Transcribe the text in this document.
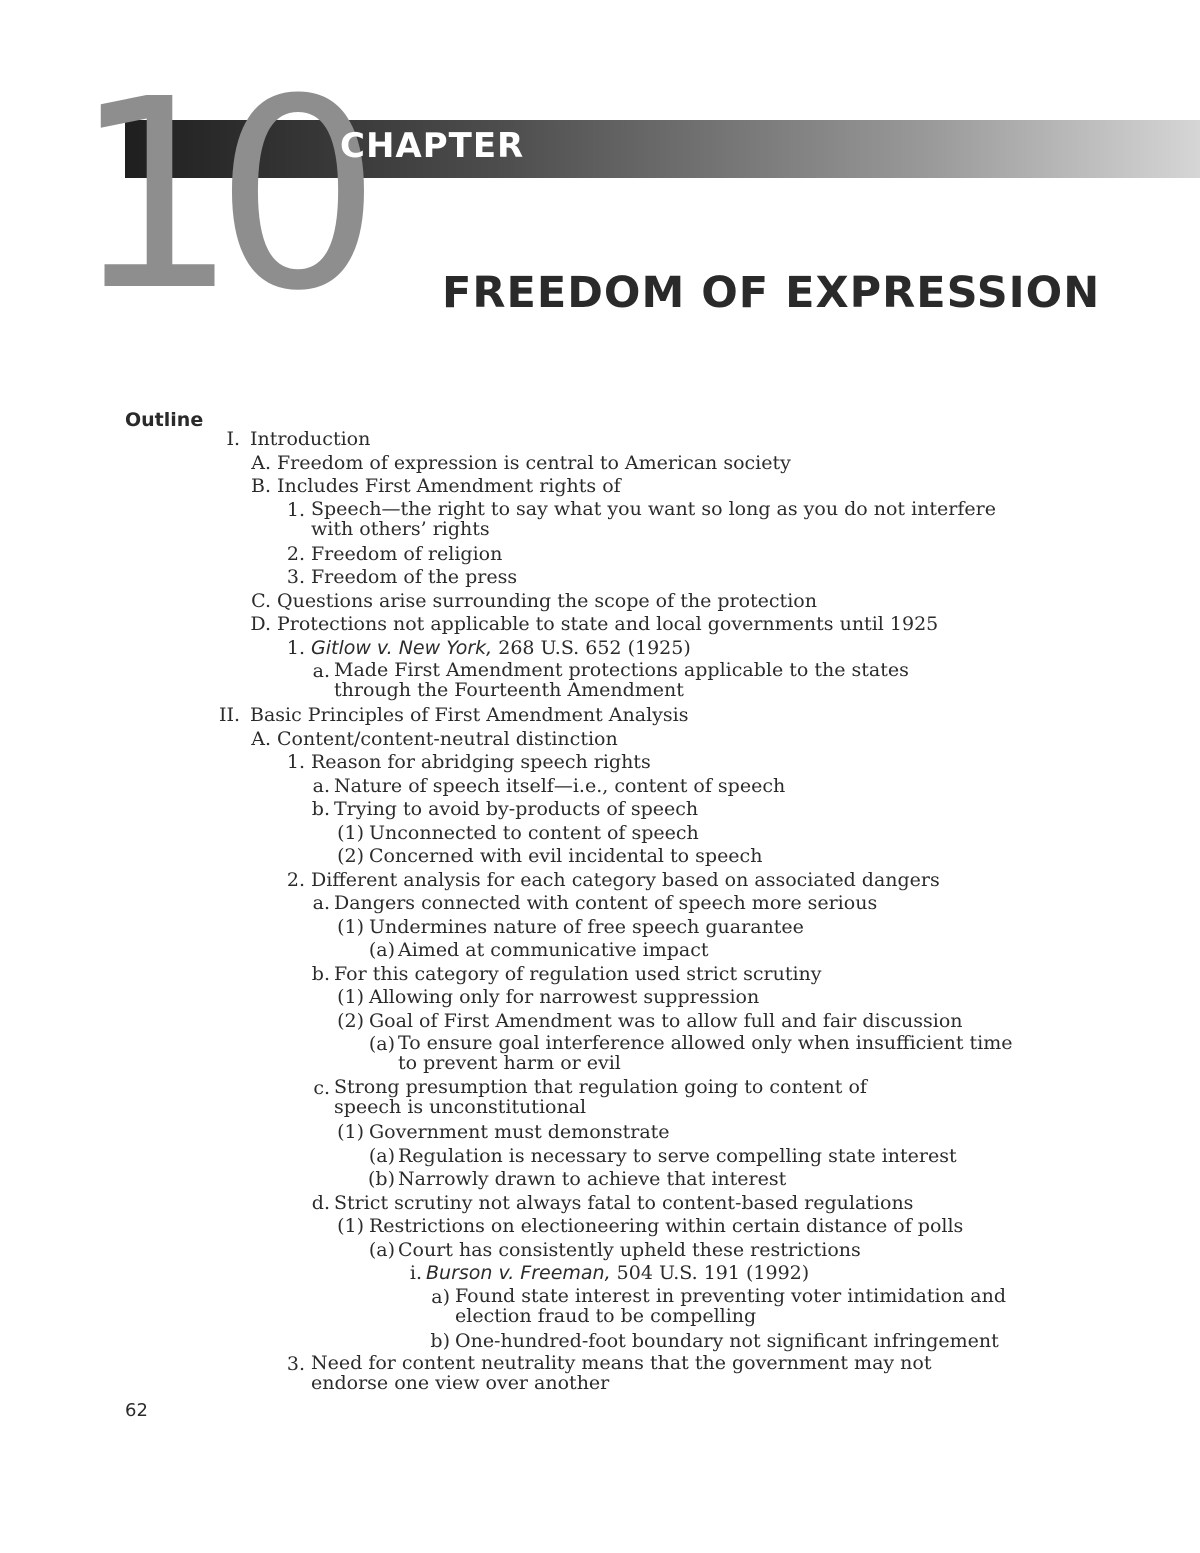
10
CHAPTER
FREEDOM OF EXPRESSION
Outline
I. Introduction
A. Freedom of expression is central to American society
B. Includes First Amendment rights of
1. Speech—the right to say what you want so long as you do not interfere
with others’ rights
2. Freedom of religion
3. Freedom of the press
C. Questions arise surrounding the scope of the protection
D. Protections not applicable to state and local governments until 1925
1. Gitlow v. New York, 268 U.S. 652 (1925)
a. Made First Amendment protections applicable to the states
through the Fourteenth Amendment
II. Basic Principles of First Amendment Analysis
A. Content/content-neutral distinction
1. Reason for abridging speech rights
a. Nature of speech itself—i.e., content of speech
b. Trying to avoid by-products of speech
(1) Unconnected to content of speech
(2) Concerned with evil incidental to speech
2. Different analysis for each category based on associated dangers
a. Dangers connected with content of speech more serious
(1) Undermines nature of free speech guarantee
(a) Aimed at communicative impact
b. For this category of regulation used strict scrutiny
(1) Allowing only for narrowest suppression
(2) Goal of First Amendment was to allow full and fair discussion
(a) To ensure goal interference allowed only when insufficient time
to prevent harm or evil
c. Strong presumption that regulation going to content of
speech is unconstitutional
(1) Government must demonstrate
(a) Regulation is necessary to serve compelling state interest
(b) Narrowly drawn to achieve that interest
d. Strict scrutiny not always fatal to content-based regulations
(1) Restrictions on electioneering within certain distance of polls
(a) Court has consistently upheld these restrictions
i. Burson v. Freeman, 504 U.S. 191 (1992)
a) Found state interest in preventing voter intimidation and
election fraud to be compelling
b) One-hundred-foot boundary not significant infringement
3. Need for content neutrality means that the government may not
endorse one view over another
62
